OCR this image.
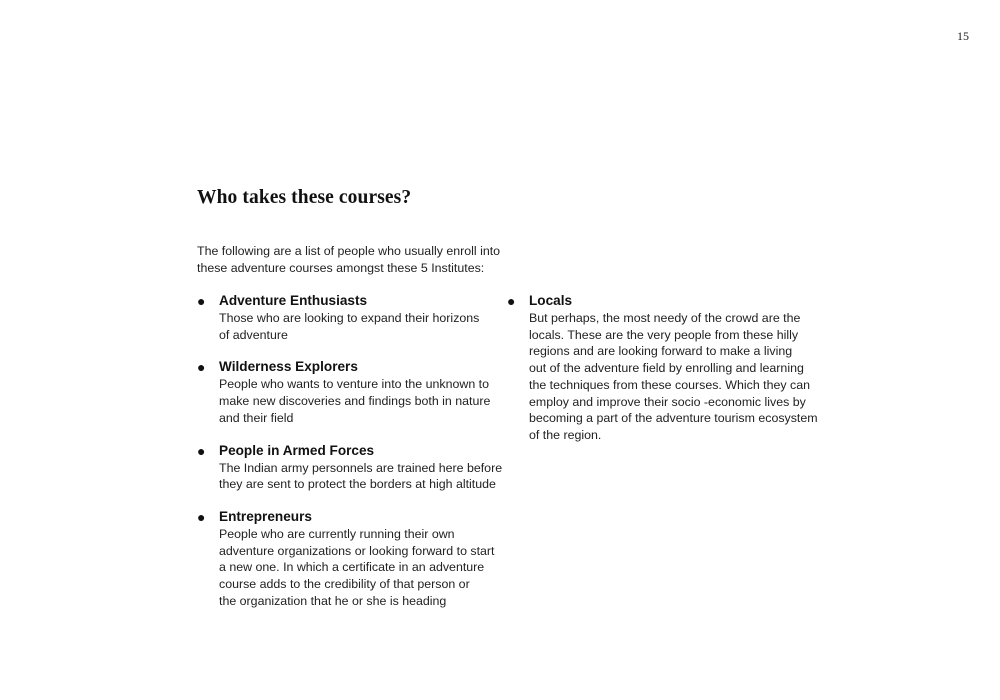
15
Who takes these courses?

The following are a list of people who usually enroll into
these adventure courses amongst these 5 Institutes:

● Adventure Enthusiasts
Those who are looking to expand their horizons
of adventure
● Wilderness Explorers
People who wants to venture into the unknown to
make new discoveries and findings both in nature
and their field
● People in Armed Forces
The Indian army personnels are trained here before
they are sent to protect the borders at high altitude
● Entrepreneurs
People who are currently running their own
adventure organizations or looking forward to start
a new one. In which a certificate in an adventure
course adds to the credibility of that person or
the organization that he or she is heading
● Locals
But perhaps, the most needy of the crowd are the
locals. These are the very people from these hilly
regions and are looking forward to make a living
out of the adventure field by enrolling and learning
the techniques from these courses. Which they can
employ and improve their socio -economic lives by
becoming a part of the adventure tourism ecosystem
of the region.
